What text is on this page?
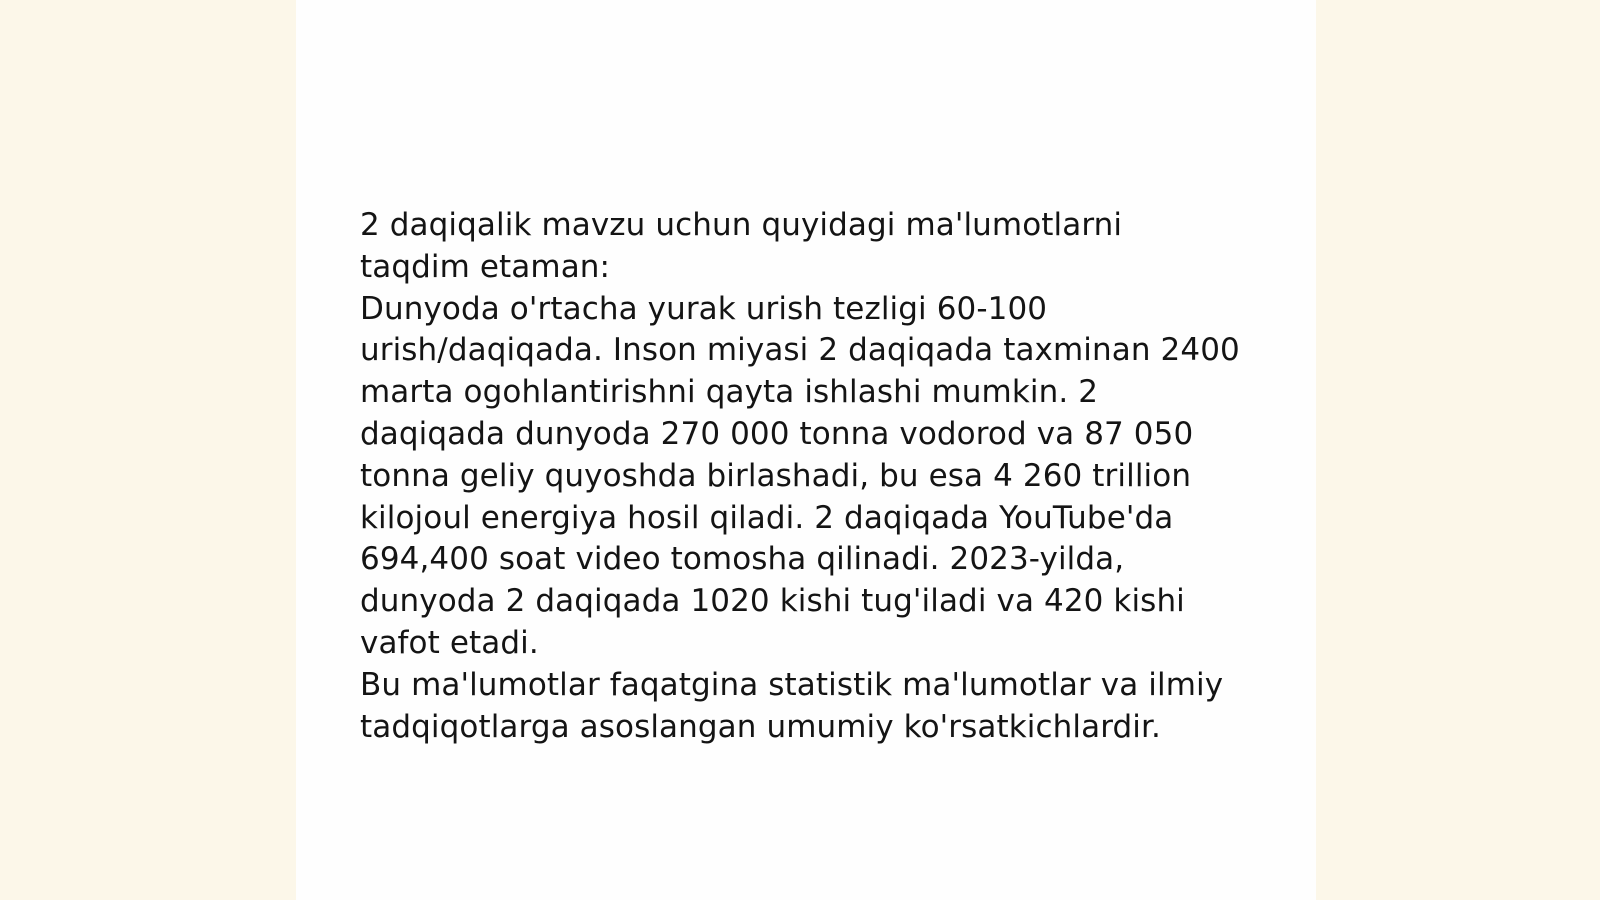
2 daqiqalik mavzu uchun quyidagi ma'lumotlarni taqdim etaman:

Dunyoda o'rtacha yurak urish tezligi 60-100 urish/daqiqada. Inson miyasi 2 daqiqada taxminan 2400 marta ogohlantirishni qayta ishlashi mumkin. 2 daqiqada dunyoda 270 000 tonna vodorod va 87 050 tonna geliy quyoshda birlashadi, bu esa 4 260 trillion kilojoul energiya hosil qiladi. 2 daqiqada YouTube'da 694,400 soat video tomosha qilinadi. 2023-yilda, dunyoda 2 daqiqada 1020 kishi tug'iladi va 420 kishi vafot etadi.

Bu ma'lumotlar faqatgina statistik ma'lumotlar va ilmiy tadqiqotlarga asoslangan umumiy ko'rsatkichlardir.
